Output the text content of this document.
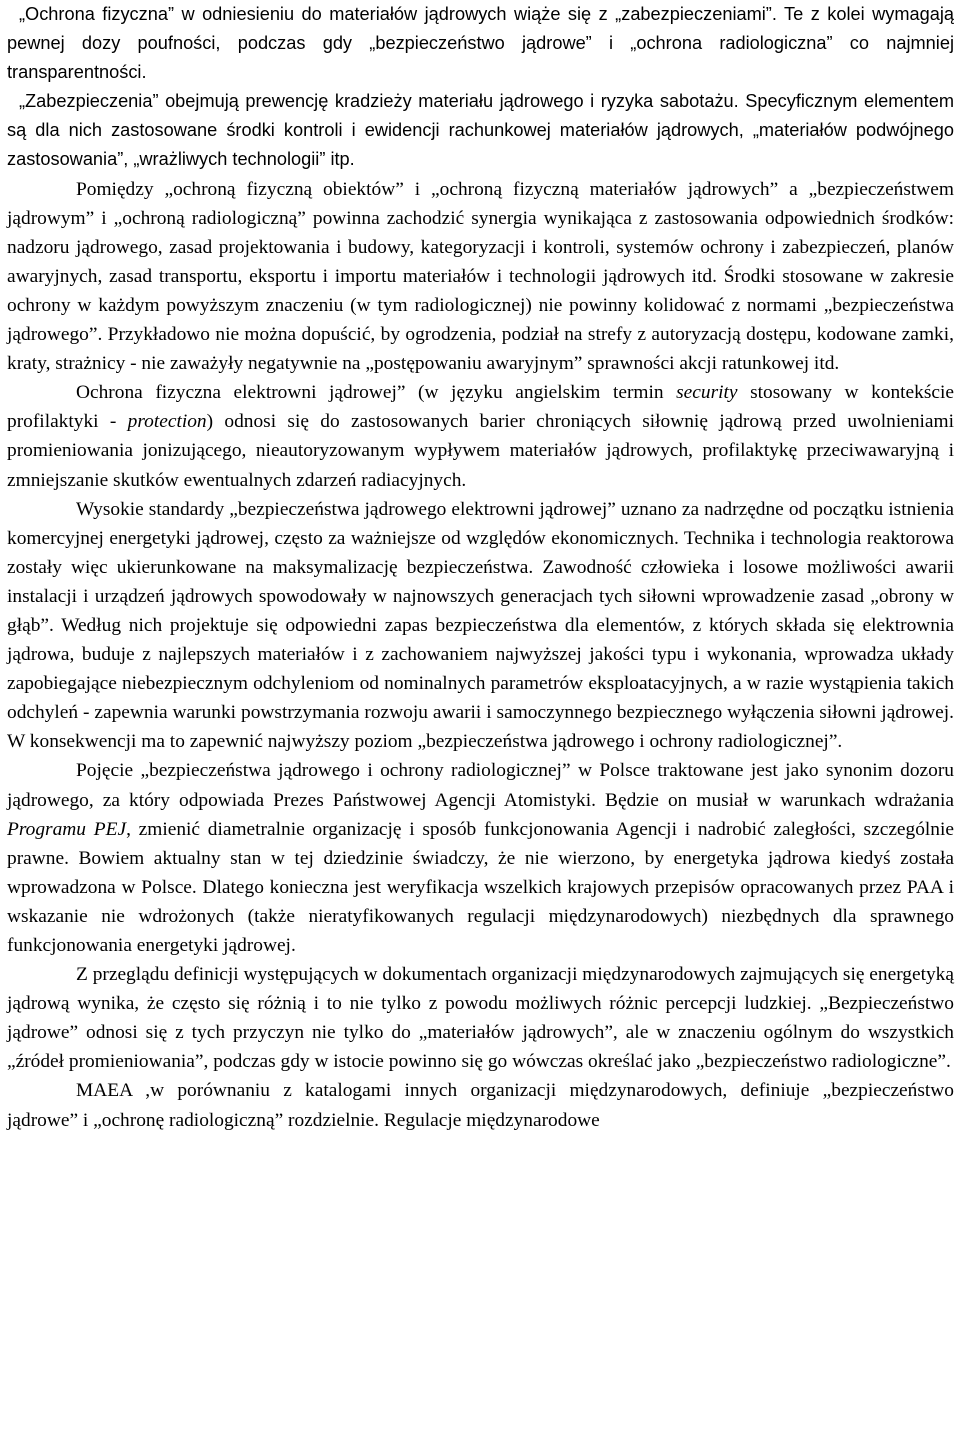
„Ochrona fizyczna” w odniesieniu do materiałów jądrowych wiąże się z „zabezpieczeniami”. Te z kolei wymagają pewnej dozy poufności, podczas gdy „bezpieczeństwo jądrowe” i „ochrona radiologiczna” co najmniej transparentności.

„Zabezpieczenia” obejmują prewencję kradzieży materiału jądrowego i ryzyka sabotażu. Specyficznym elementem są dla nich zastosowane środki kontroli i ewidencji rachunkowej materiałów jądrowych, „materiałów podwójnego zastosowania”, „wrażliwych technologii” itp.

Pomiędzy „ochroną fizyczną obiektów” i „ochroną fizyczną materiałów jądrowych” a „bezpieczeństwem jądrowym” i „ochroną radiologiczną” powinna zachodzić synergia wynikająca z zastosowania odpowiednich środków: nadzoru jądrowego, zasad projektowania i budowy, kategoryzacji i kontroli, systemów ochrony i zabezpieczeń, planów awaryjnych, zasad transportu, eksportu i importu materiałów i technologii jądrowych itd. Środki stosowane w zakresie ochrony w każdym powyższym znaczeniu (w tym radiologicznej) nie powinny kolidować z normami „bezpieczeństwa jądrowego”. Przykładowo nie można dopuścić, by ogrodzenia, podział na strefy z autoryzacją dostępu, kodowane zamki, kraty, strażnicy - nie zaważyły negatywnie na „postępowaniu awaryjnym” sprawności akcji ratunkowej itd.

Ochrona fizyczna elektrowni jądrowej” (w języku angielskim termin security stosowany w kontekście profilaktyki - protection) odnosi się do zastosowanych barier chroniących siłownię jądrową przed uwolnieniami promieniowania jonizującego, nieautoryzowanym wypływem materiałów jądrowych, profilaktykę przeciwawaryjną i zmniejszanie skutków ewentualnych zdarzeń radiacyjnych.

Wysokie standardy „bezpieczeństwa jądrowego elektrowni jądrowej” uznano za nadrzędne od początku istnienia komercyjnej energetyki jądrowej, często za ważniejsze od względów ekonomicznych. Technika i technologia reaktorowa zostały więc ukierunkowane na maksymalizację bezpieczeństwa. Zawodność człowieka i losowe możliwości awarii instalacji i urządzeń jądrowych spowodowały w najnowszych generacjach tych siłowni wprowadzenie zasad „obrony w głąb”. Według nich projektuje się odpowiedni zapas bezpieczeństwa dla elementów, z których składa się elektrownia jądrowa, buduje z najlepszych materiałów i z zachowaniem najwyższej jakości typu i wykonania, wprowadza układy zapobiegające niebezpiecznym odchyleniom od nominalnych parametrów eksploatacyjnych, a w razie wystąpienia takich odchyleń - zapewnia warunki powstrzymania rozwoju awarii i samoczynnego bezpiecznego wyłączenia siłowni jądrowej. W konsekwencji ma to zapewnić najwyższy poziom „bezpieczeństwa jądrowego i ochrony radiologicznej”.

Pojęcie „bezpieczeństwa jądrowego i ochrony radiologicznej” w Polsce traktowane jest jako synonim dozoru jądrowego, za który odpowiada Prezes Państwowej Agencji Atomistyki. Będzie on musiał w warunkach wdrażania Programu PEJ, zmienić diametralnie organizację i sposób funkcjonowania Agencji i nadrobić zaległości, szczególnie prawne. Bowiem aktualny stan w tej dziedzinie świadczy, że nie wierzono, by energetyka jądrowa kiedyś została wprowadzona w Polsce. Dlatego konieczna jest weryfikacja wszelkich krajowych przepisów opracowanych przez PAA i wskazanie nie wdrożonych (także nieratyfikowanych regulacji międzynarodowych) niezbędnych dla sprawnego funkcjonowania energetyki jądrowej.

Z przeglądu definicji występujących w dokumentach organizacji międzynarodowych zajmujących się energetyką jądrową wynika, że często się różnią i to nie tylko z powodu możliwych różnic percepcji ludzkiej. „Bezpieczeństwo jądrowe” odnosi się z tych przyczyn nie tylko do „materiałów jądrowych”, ale w znaczeniu ogólnym do wszystkich „źródeł promieniowania”, podczas gdy w istocie powinno się go wówczas określać jako „bezpieczeństwo radiologiczne”.

MAEA ,w porównaniu z katalogami innych organizacji międzynarodowych, definiuje „bezpieczeństwo jądrowe” i „ochronę radiologiczną” rozdzielnie. Regulacje międzynarodowe
